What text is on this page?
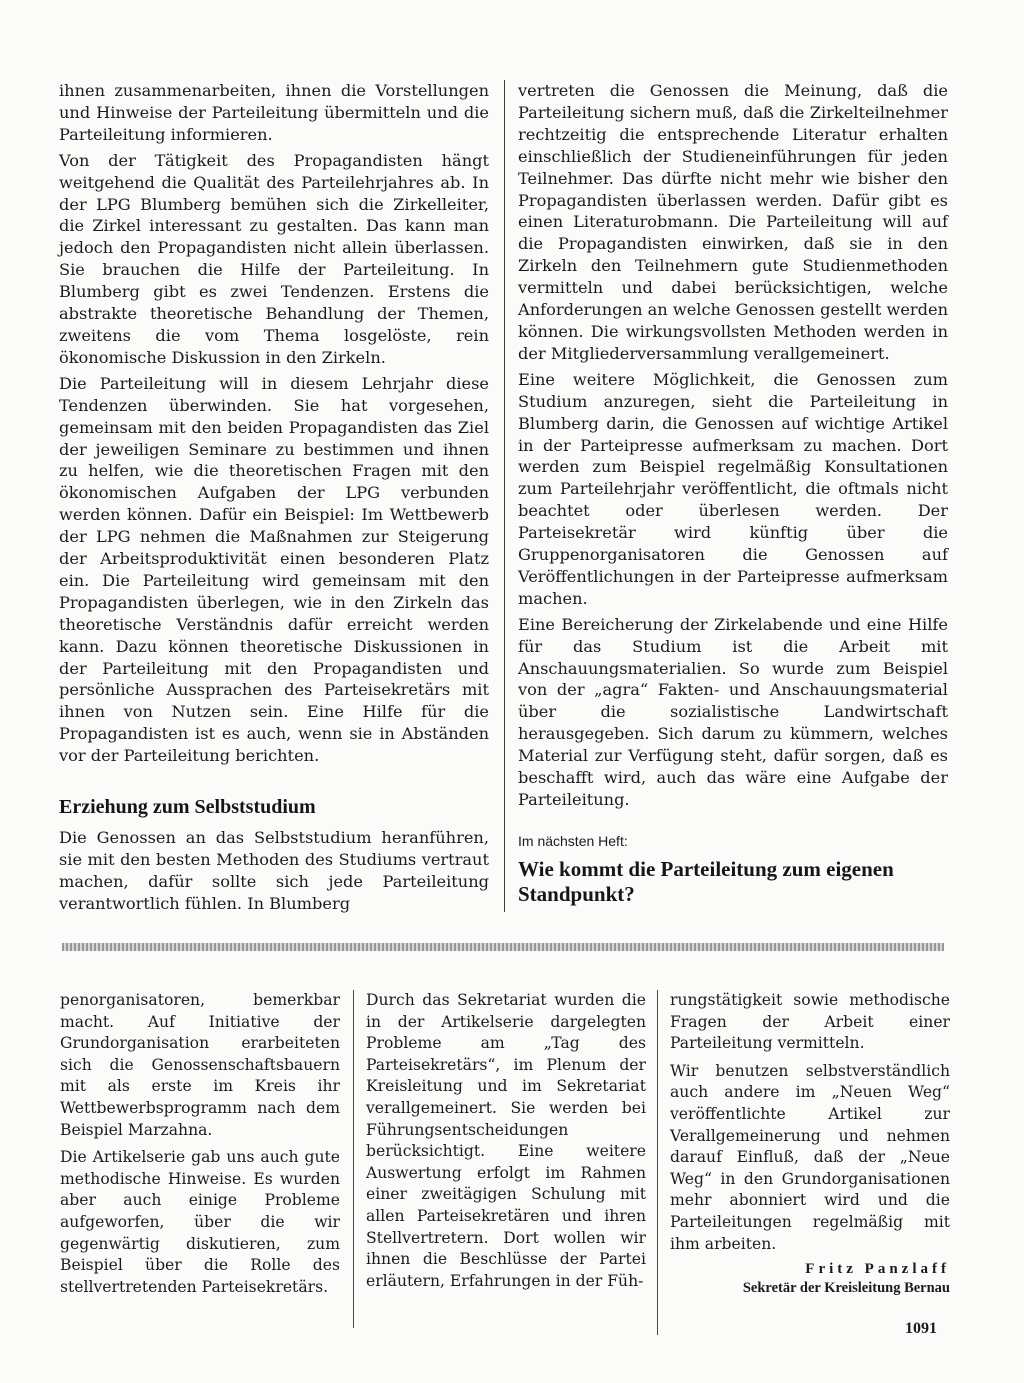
ihnen zusammenarbeiten, ihnen die Vorstellungen und Hinweise der Parteileitung übermitteln und die Parteileitung informieren.

Von der Tätigkeit des Propagandisten hängt weitgehend die Qualität des Parteilehrjahres ab. In der LPG Blumberg bemühen sich die Zirkelleiter, die Zirkel interessant zu gestalten. Das kann man jedoch den Propagandisten nicht allein überlassen. Sie brauchen die Hilfe der Parteileitung. In Blumberg gibt es zwei Tendenzen. Erstens die abstrakte theoretische Behandlung der Themen, zweitens die vom Thema losgelöste, rein ökonomische Diskussion in den Zirkeln.

Die Parteileitung will in diesem Lehrjahr diese Tendenzen überwinden. Sie hat vorgesehen, gemeinsam mit den beiden Propagandisten das Ziel der jeweiligen Seminare zu bestimmen und ihnen zu helfen, wie die theoretischen Fragen mit den ökonomischen Aufgaben der LPG verbunden werden können. Dafür ein Beispiel: Im Wettbewerb der LPG nehmen die Maßnahmen zur Steigerung der Arbeitsproduktivität einen besonderen Platz ein. Die Parteileitung wird gemeinsam mit den Propagandisten überlegen, wie in den Zirkeln das theoretische Verständnis dafür erreicht werden kann. Dazu können theoretische Diskussionen in der Parteileitung mit den Propagandisten und persönliche Aussprachen des Parteisekretärs mit ihnen von Nutzen sein. Eine Hilfe für die Propagandisten ist es auch, wenn sie in Abständen vor der Parteileitung berichten.

Erziehung zum Selbststudium

Die Genossen an das Selbststudium heranführen, sie mit den besten Methoden des Studiums vertraut machen, dafür sollte sich jede Parteileitung verantwortlich fühlen. In Blumberg

vertreten die Genossen die Meinung, daß die Parteileitung sichern muß, daß die Zirkelteilnehmer rechtzeitig die entsprechende Literatur erhalten einschließlich der Studieneinführungen für jeden Teilnehmer. Das dürfte nicht mehr wie bisher den Propagandisten überlassen werden. Dafür gibt es einen Literaturobmann. Die Parteileitung will auf die Propagandisten einwirken, daß sie in den Zirkeln den Teilnehmern gute Studienmethoden vermitteln und dabei berücksichtigen, welche Anforderungen an welche Genossen gestellt werden können. Die wirkungsvollsten Methoden werden in der Mitgliederversammlung verallgemeinert.

Eine weitere Möglichkeit, die Genossen zum Studium anzuregen, sieht die Parteileitung in Blumberg darin, die Genossen auf wichtige Artikel in der Parteipresse aufmerksam zu machen. Dort werden zum Beispiel regelmäßig Konsultationen zum Parteilehrjahr veröffentlicht, die oftmals nicht beachtet oder überlesen werden. Der Parteisekretär wird künftig über die Gruppenorganisatoren die Genossen auf Veröffentlichungen in der Parteipresse aufmerksam machen.

Eine Bereicherung der Zirkelabende und eine Hilfe für das Studium ist die Arbeit mit Anschauungsmaterialien. So wurde zum Beispiel von der „agra“ Fakten- und Anschauungsmaterial über die sozialistische Landwirtschaft herausgegeben. Sich darum zu kümmern, welches Material zur Verfügung steht, dafür sorgen, daß es beschafft wird, auch das wäre eine Aufgabe der Parteileitung.

Im nächsten Heft:
Wie kommt die Parteileitung zum eigenen Standpunkt?

penorganisatoren, bemerkbar macht. Auf Initiative der Grundorganisation erarbeiteten sich die Genossenschaftsbauern mit als erste im Kreis ihr Wettbewerbsprogramm nach dem Beispiel Marzahna.

Die Artikelserie gab uns auch gute methodische Hinweise. Es wurden aber auch einige Probleme aufgeworfen, über die wir gegenwärtig diskutieren, zum Beispiel über die Rolle des stellvertretenden Parteisekretärs.

Durch das Sekretariat wurden die in der Artikelserie dargelegten Probleme am „Tag des Parteisekretärs“, im Plenum der Kreisleitung und im Sekretariat verallgemeinert. Sie werden bei Führungsentscheidungen berücksichtigt. Eine weitere Auswertung erfolgt im Rahmen einer zweitägigen Schulung mit allen Parteisekretären und ihren Stellvertretern. Dort wollen wir ihnen die Beschlüsse der Partei erläutern, Erfahrungen in der Füh-

rungstätigkeit sowie methodische Fragen der Arbeit einer Parteileitung vermitteln.

Wir benutzen selbstverständlich auch andere im „Neuen Weg“ veröffentlichte Artikel zur Verallgemeinerung und nehmen darauf Einfluß, daß der „Neue Weg“ in den Grundorganisationen mehr abonniert wird und die Parteileitungen regelmäßig mit ihm arbeiten.

Fritz Panzlaff
Sekretär der Kreisleitung Bernau
1091
